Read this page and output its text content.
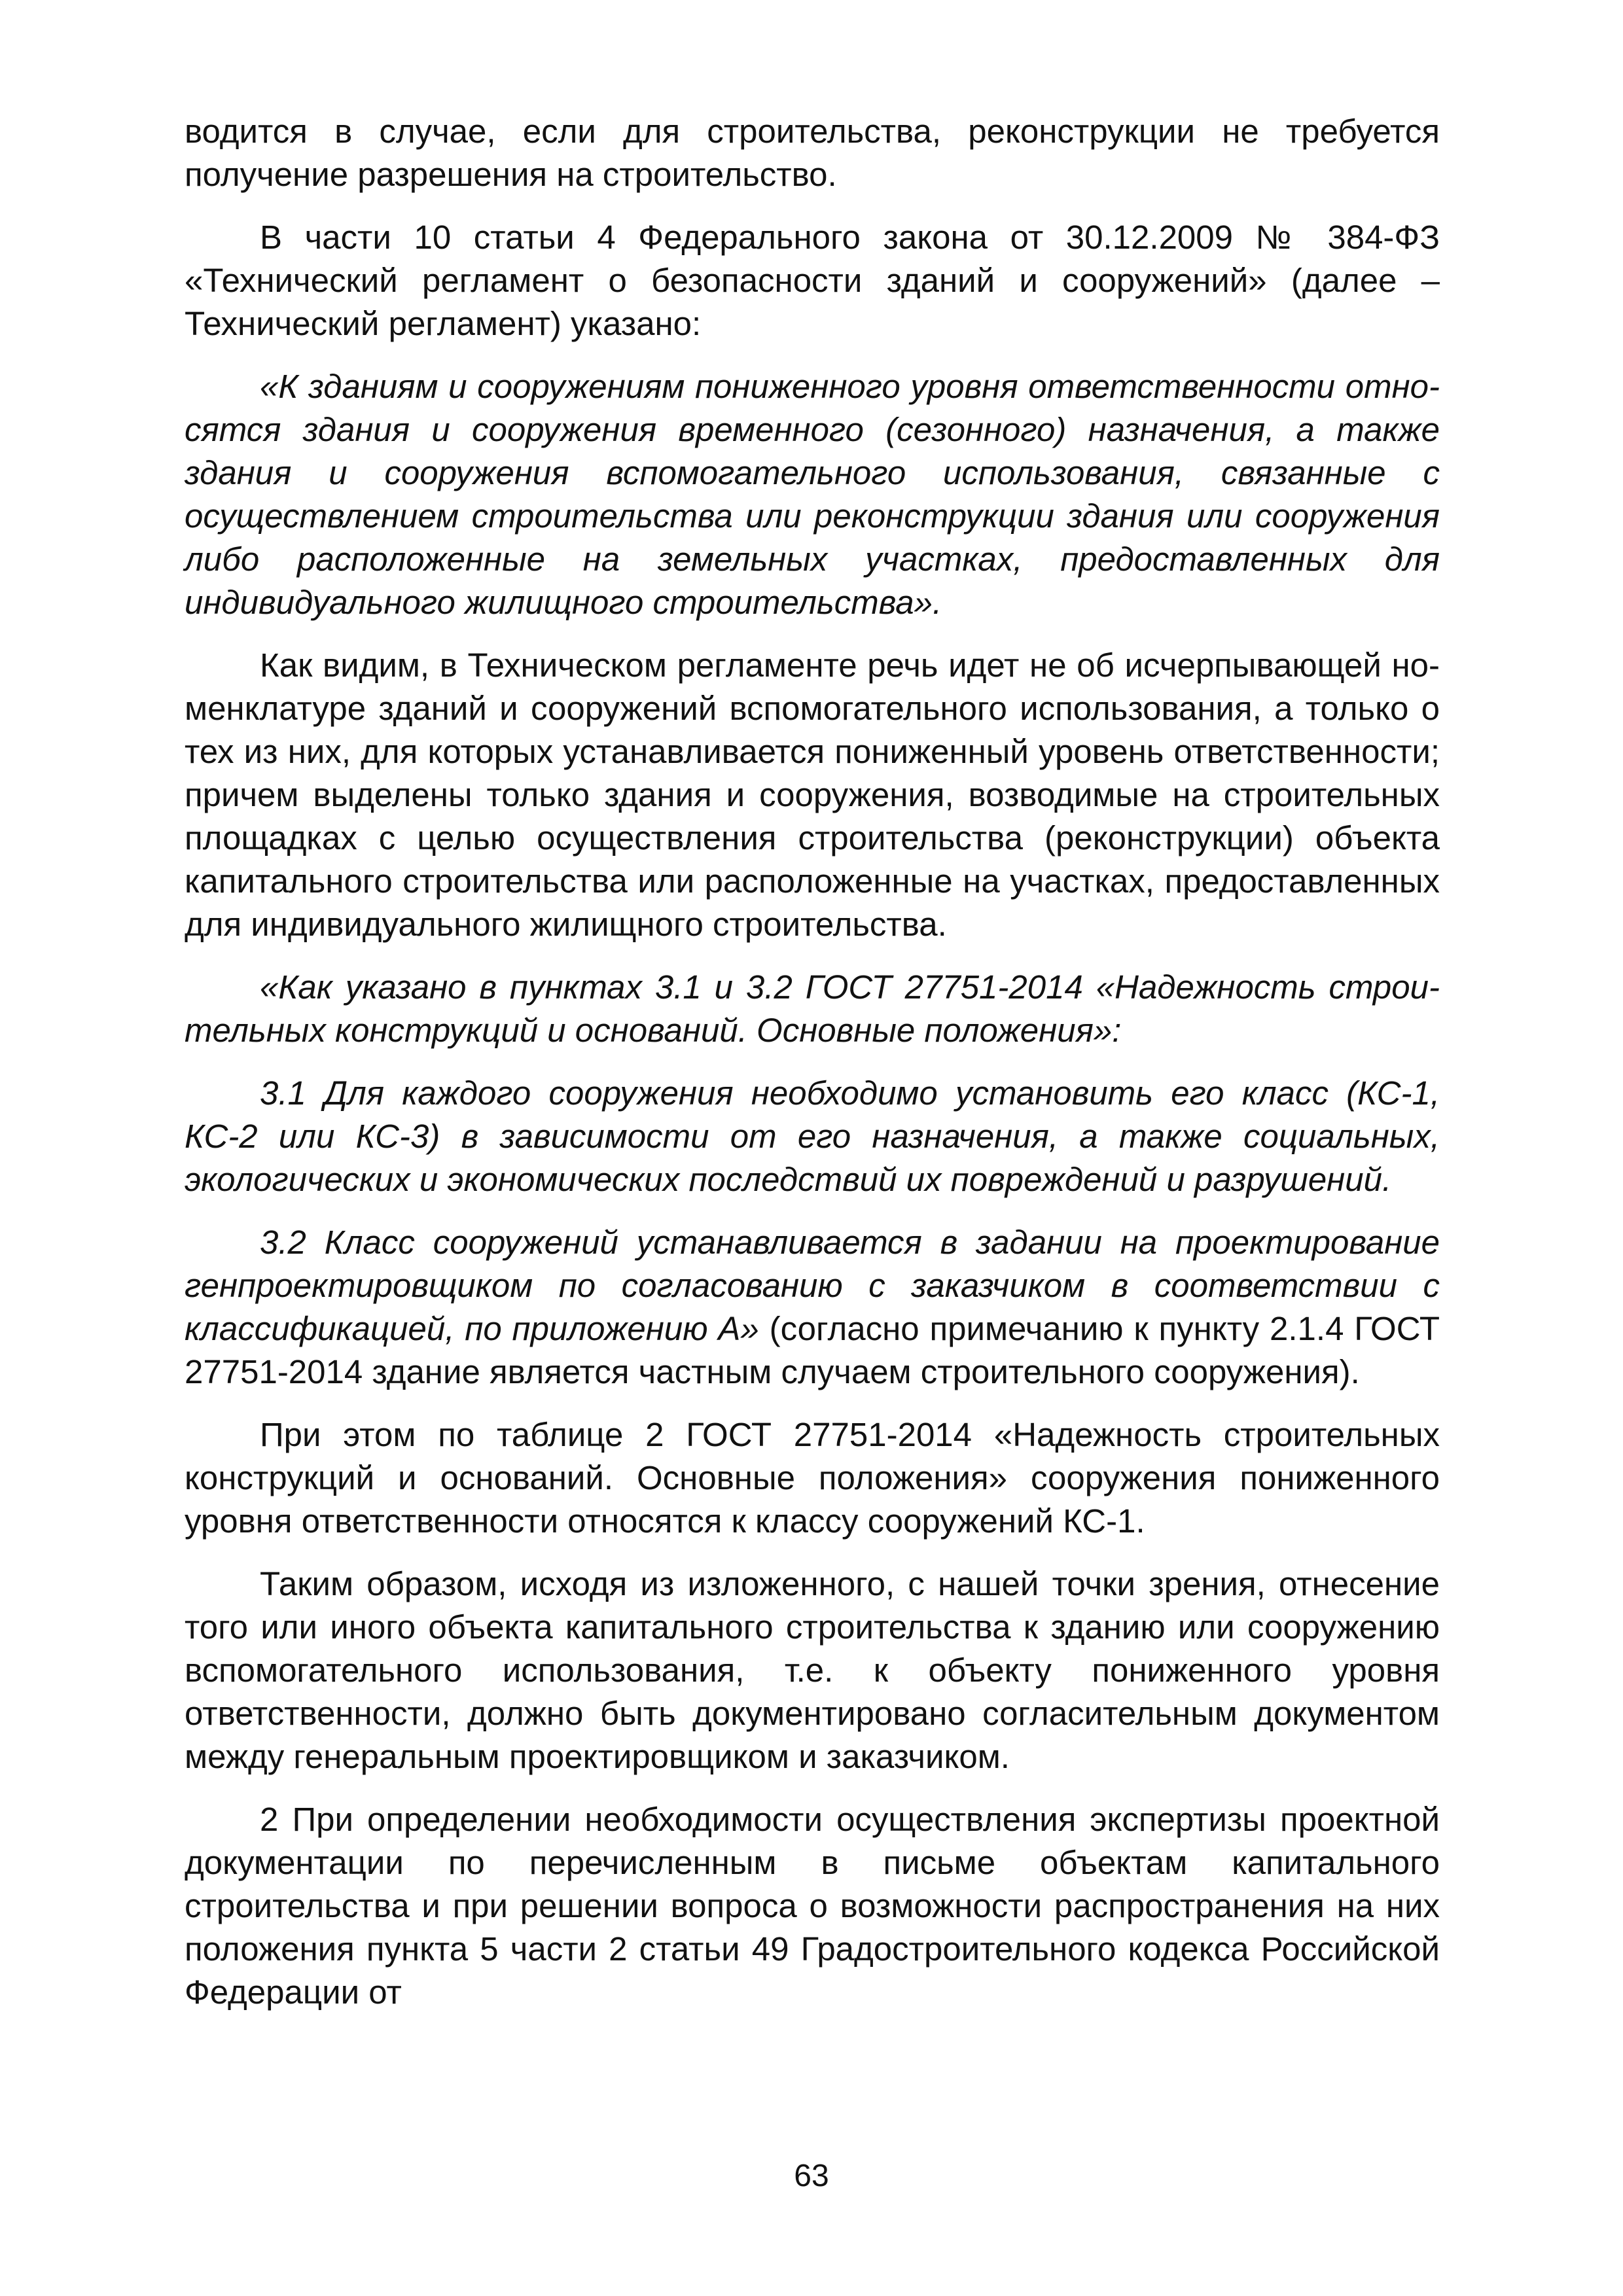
водится в случае, если для строительства, реконструкции не требуется получение разрешения на строительство.

В части 10 статьи 4 Федерального закона от 30.12.2009 № 384-ФЗ «Технический регламент о безопасности зданий и сооружений» (далее – Технический регламент) указано:

«К зданиям и сооружениям пониженного уровня ответственности относятся здания и сооружения временного (сезонного) назначения, а также здания и сооружения вспомогательного использования, связанные с осуществлением строительства или реконструкции здания или сооружения либо расположенные на земельных участках, предоставленных для индивидуального жилищного строительства».

Как видим, в Техническом регламенте речь идет не об исчерпывающей номенклатуре зданий и сооружений вспомогательного использования, а только о тех из них, для которых устанавливается пониженный уровень ответственности; причем выделены только здания и сооружения, возводимые на строительных площадках с целью осуществления строительства (реконструкции) объекта капитального строительства или расположенные на участках, предоставленных для индивидуального жилищного строительства.

«Как указано в пунктах 3.1 и 3.2 ГОСТ 27751-2014 «Надежность строительных конструкций и оснований. Основные положения»:

3.1 Для каждого сооружения необходимо установить его класс (КС-1, КС-2 или КС-3) в зависимости от его назначения, а также социальных, экологических и экономических последствий их повреждений и разрушений.

3.2 Класс сооружений устанавливается в задании на проектирование генпроектировщиком по согласованию с заказчиком в соответствии с классификацией, по приложению А» (согласно примечанию к пункту 2.1.4 ГОСТ 27751-2014 здание является частным случаем строительного сооружения).

При этом по таблице 2 ГОСТ 27751-2014 «Надежность строительных конструкций и оснований. Основные положения» сооружения пониженного уровня ответственности относятся к классу сооружений КС-1.

Таким образом, исходя из изложенного, с нашей точки зрения, отнесение того или иного объекта капитального строительства к зданию или сооружению вспомогательного использования, т.е. к объекту пониженного уровня ответственности, должно быть документировано согласительным документом между генеральным проектировщиком и заказчиком.

2 При определении необходимости осуществления экспертизы проектной документации по перечисленным в письме объектам капитального строительства и при решении вопроса о возможности распространения на них положения пункта 5 части 2 статьи 49 Градостроительного кодекса Российской Федерации от

63
